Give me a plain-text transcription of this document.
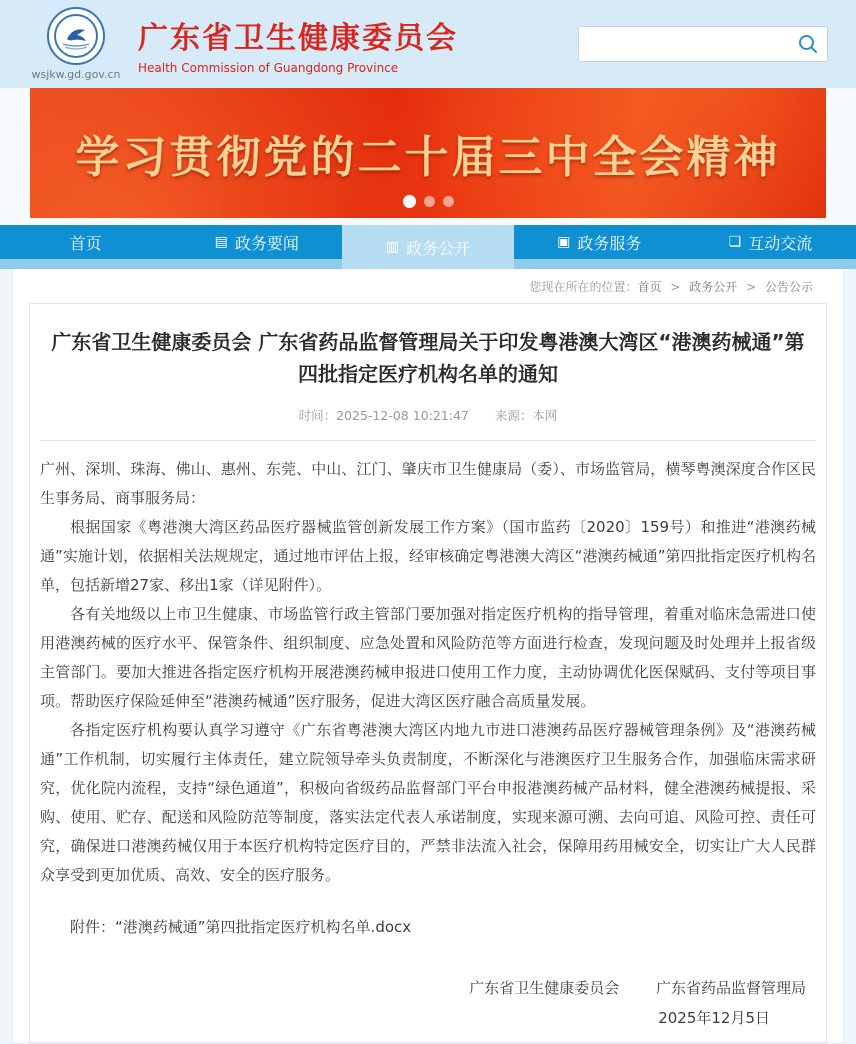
wsjkw.gd.gov.cn
广东省卫生健康委员会
Health Commission of Guangdong Province
学习贯彻党的二十届三中全会精神
首页	▤ 政务要闻	▥ 政务公开	▣ 政务服务	❏ 互动交流
您现在所在的位置： 首页 > 政务公开 > 公告公示
广东省卫生健康委员会 广东省药品监督管理局关于印发粤港澳大湾区“港澳药械通”第四批指定医疗机构名单的通知
时间：2025-12-08 10:21:47 来源：本网

广州、深圳、珠海、佛山、惠州、东莞、中山、江门、肇庆市卫生健康局（委）、市场监管局，横琴粤澳深度合作区民生事务局、商事服务局：

根据国家《粤港澳大湾区药品医疗器械监管创新发展工作方案》（国市监药〔2020〕159号）和推进“港澳药械通”实施计划，依据相关法规规定，通过地市评估上报，经审核确定粤港澳大湾区“港澳药械通”第四批指定医疗机构名单，包括新增27家、移出1家（详见附件）。

各有关地级以上市卫生健康、市场监管行政主管部门要加强对指定医疗机构的指导管理，着重对临床急需进口使用港澳药械的医疗水平、保管条件、组织制度、应急处置和风险防范等方面进行检查，发现问题及时处理并上报省级主管部门。要加大推进各指定医疗机构开展港澳药械申报进口使用工作力度，主动协调优化医保赋码、支付等项目事项。帮助医疗保险延伸至“港澳药械通”医疗服务，促进大湾区医疗融合高质量发展。

各指定医疗机构要认真学习遵守《广东省粤港澳大湾区内地九市进口港澳药品医疗器械管理条例》及“港澳药械通”工作机制，切实履行主体责任，建立院领导牵头负责制度，不断深化与港澳医疗卫生服务合作，加强临床需求研究，优化院内流程，支持“绿色通道”，积极向省级药品监督部门平台申报港澳药械产品材料，健全港澳药械提报、采购、使用、贮存、配送和风险防范等制度，落实法定代表人承诺制度，实现来源可溯、去向可追、风险可控、责任可究，确保进口港澳药械仅用于本医疗机构特定医疗目的，严禁非法流入社会，保障用药用械安全，切实让广大人民群众享受到更加优质、高效、安全的医疗服务。

附件：“港澳药械通”第四批指定医疗机构名单.docx
广东省卫生健康委员会 广东省药品监督管理局
2025年12月5日
